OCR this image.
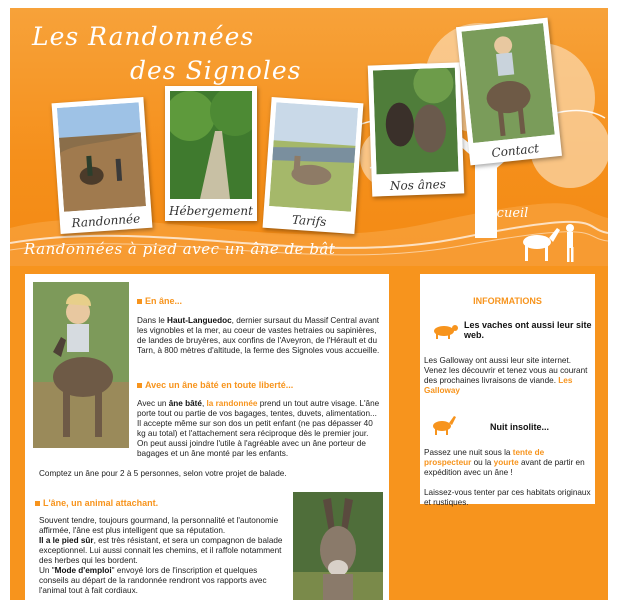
Les Randonnées
des Signoles
Randonnée
Hébergement
Tarifs
Nos ânes
Contact
Accueil
Randonnées à pied avec un âne de bât
En âne...

Dans le Haut-Languedoc, dernier sursaut du Massif Central avant les vignobles et la mer, au coeur de vastes hetraies ou sapinières, de landes de bruyères, aux confins de l'Aveyron, de l'Hérault et du Tarn, à 800 mètres d'altitude, la ferme des Signoles vous accueille.

Avec un âne bâté en toute liberté...

Avec un âne bâté, la randonnée prend un tout autre visage. L'âne porte tout ou partie de vos bagages, tentes, duvets, alimentation...

Il accepte même sur son dos un petit enfant (ne pas dépasser 40 kg au total) et l'attachement sera réciproque dès le premier jour.

On peut aussi joindre l'utile à l'agréable avec un âne porteur de bagages et un âne monté par les enfants.

Comptez un âne pour 2 à 5 personnes, selon votre projet de balade.

L'âne, un animal attachant.

Souvent tendre, toujours gourmand, la personnalité et l'autonomie affirmée, l'âne est plus intelligent que sa réputation.

Il a le pied sûr, est très résistant, et sera un compagnon de balade exceptionnel. Lui aussi connait les chemins, et il raffole notamment des herbes qui les bordent.

Un "Mode d'emploi" envoyé lors de l'inscription et quelques conseils au départ de la randonnée rendront vos rapports avec l'animal tout à fait cordiaux.

INFORMATIONS
Les vaches ont aussi leur site web.

Les Galloway ont aussi leur site internet. Venez les découvrir et tenez vous au courant des prochaines livraisons de viande. Les Galloway

Nuit insolite...

Passez une nuit sous la tente de prospecteur ou la yourte avant de partir en expédition avec un âne !

Laissez-vous tenter par ces habitats originaux et rustiques.
